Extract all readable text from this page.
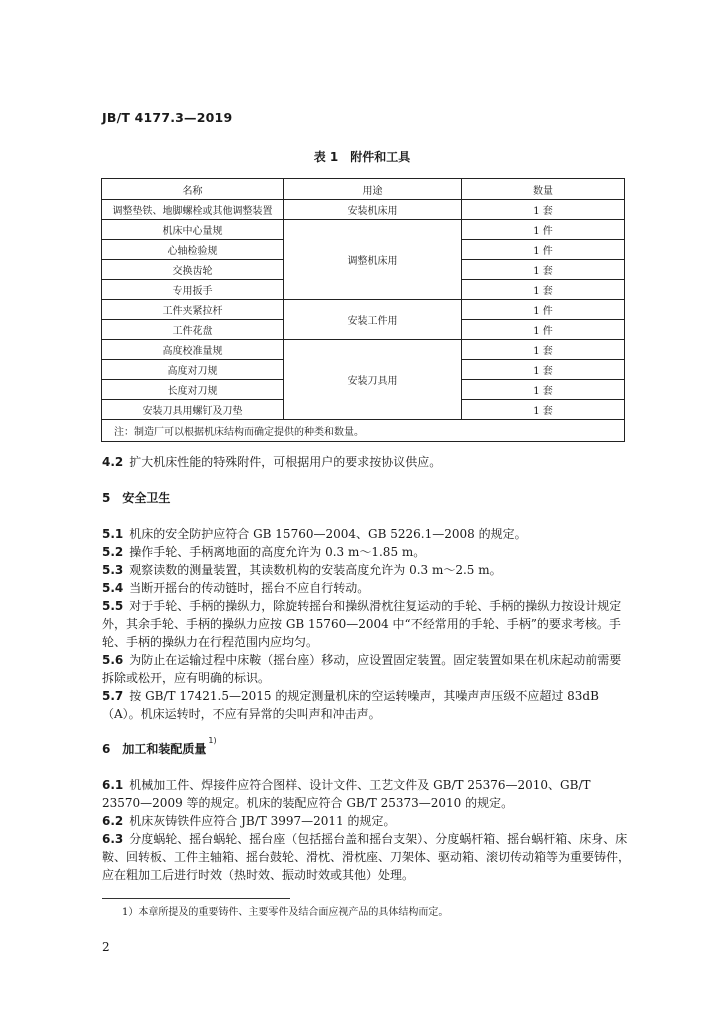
JB/T 4177.3—2019
表 1　附件和工具
名称	用途	数量
调整垫铁、地脚螺栓或其他调整装置	安装机床用	1 套
机床中心量规	调整机床用	1 件
心轴检验规		1 件
交换齿轮		1 套
专用扳手		1 套
工件夹紧拉杆	安装工件用	1 件
工件花盘		1 件
高度校准量规	安装刀具用	1 套
高度对刀规		1 套
长度对刀规		1 套
安装刀具用螺钉及刀垫		1 套
注：制造厂可以根据机床结构而确定提供的种类和数量。		

4.2 扩大机床性能的特殊附件，可根据用户的要求按协议供应。

5　安全卫生

5.1 机床的安全防护应符合 GB 15760—2004、GB 5226.1—2008 的规定。

5.2 操作手轮、手柄离地面的高度允许为 0.3 m～1.85 m。

5.3 观察读数的测量装置，其读数机构的安装高度允许为 0.3 m～2.5 m。

5.4 当断开摇台的传动链时，摇台不应自行转动。

5.5 对于手轮、手柄的操纵力，除旋转摇台和操纵滑枕往复运动的手轮、手柄的操纵力按设计规定外，其余手轮、手柄的操纵力应按 GB 15760—2004 中“不经常用的手轮、手柄”的要求考核。手轮、手柄的操纵力在行程范围内应均匀。

5.6 为防止在运输过程中床鞍（摇台座）移动，应设置固定装置。固定装置如果在机床起动前需要拆除或松开，应有明确的标识。

5.7 按 GB/T 17421.5—2015 的规定测量机床的空运转噪声，其噪声声压级不应超过 83dB（A）。机床运转时，不应有异常的尖叫声和冲击声。

6　加工和装配质量$^{1)}$

6.1 机械加工件、焊接件应符合图样、设计文件、工艺文件及 GB/T 25376—2010、GB/T 23570—2009 等的规定。机床的装配应符合 GB/T 25373—2010 的规定。

6.2 机床灰铸铁件应符合 JB/T 3997—2011 的规定。

6.3 分度蜗轮、摇台蜗轮、摇台座（包括摇台盖和摇台支架）、分度蜗杆箱、摇台蜗杆箱、床身、床鞍、回转板、工件主轴箱、摇台鼓轮、滑枕、滑枕座、刀架体、驱动箱、滚切传动箱等为重要铸件，应在粗加工后进行时效（热时效、振动时效或其他）处理。

1）本章所提及的重要铸件、主要零件及结合面应视产品的具体结构而定。
2
